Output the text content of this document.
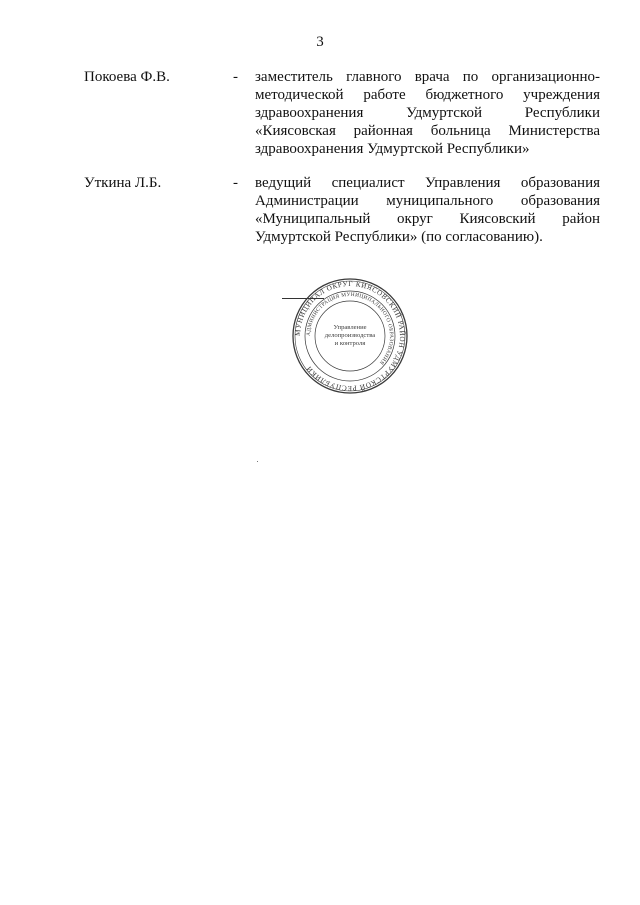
3
Покоева Ф.В.	- заместитель главного врача по организационно-
методической работе бюджетного учреждения
здравоохранения Удмуртской Республики
«Киясовская районная больница Министерства
здравоохранения Удмуртской Республики»
Уткина Л.Б.	- ведущий специалист Управления образования
Администрации муниципального образования
«Муниципальный округ Киясовский район
Удмуртской Республики» (по согласованию).
МУНИЦИПАЛ ОКРУГ КИЯСОВСКИЙ РАЙОН УДМУРТСКОЙ РЕСПУБЛИКИ
АДМИНИСТРАЦИЯ МУНИЦИПАЛЬНОГО ОБРАЗОВАНИЯ
Управление
делопроизводства
и контроля
